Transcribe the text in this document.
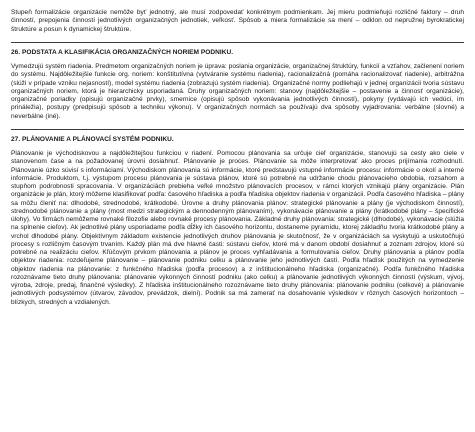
Stupeň formalizácie organizácie nemôže byť jednotný, ale musí zodpovedať konkrétnym podmienkam. Jej mieru podmieňujú rozličné faktory – druh činností, prepojenia činností jednotlivých organizačných jednotiek, veľkosť. Spôsob a miera formalizácie sa mení – odklon od nepružnej byrokratickej štruktúre a posun k dynamickej štruktúre.

26. PODSTATA A KLASIFIKÁCIA ORGANIZAČNÝCH NORIEM PODNIKU.

Vymedzujú systém riadenia. Predmetom organizačných noriem je úprava: poslania organizácie, organizačnej štruktúry, funkcií a vzťahov, začlenení noriem do systému. Najdôležitejšie funkcie org. noriem: konštitutívna (vytváranie systému riadenia), racionalizačná (pomáha racionalizovať riadenie), arbitrážna (slúži v prípade vzniku nejasností), model systému riadenia (zobrazujú systém riadenia). Organizačné normy podliehajú v jednej organizácii tvoria sústavu organizačných noriem, ktorá je hierarchicky usporiadaná. Druhy organizačných noriem: stanovy (najdôležitejšie – postavenie a činnosť organizácie), organizačné poriadky (opisujú organizačné prvky), smernice (opisujú spôsob vykonávania jednotlivých činností), pokyny (vydávajú ich vedúci, im prináležia), postupy (predpisujú spôsob a techniku výkonu). V organizačných normách sa používajú dva spôsoby vyjadrovania: verbálne (slovné) a neverbálne (iné).

27. PLÁNOVANIE A PLÁNOVACÍ SYSTÉM PODNIKU.

Plánovanie je východiskovou a najdôležitejšou funkciou v riadení. Pomocou plánovania sa určuje cieľ organizácie, stanovujú sa cesty ako ciele v stanovenom čase a na požadovanej úrovni dosiahnuť. Plánovanie je proces. Plánovanie sa môže interpretovať ako proces prijímania rozhodnutí. Plánovanie úzko súvisí s informáciami. Východiskom plánovania sú informácie, ktoré predstavujú vstupné informácie procesu: informácie o okolí a interné informácie. Produktom, t.j. výstupom procesu plánovania je sústava plánov, ktoré sú potrebné na udržanie chodu plánovacieho obdobia, rozsahom a stupňom podrobnosti spracovania. V organizáciách prebieha veľké množstvo plánovacích procesov, v rámci ktorých vznikajú plány organizácie. Plán organizácie je plán, ktorý môžeme klasifikovať podľa: časového hľadiska a podľa hľadiska objektov riadenia v organizácii. Podľa časového hľadiska – plány sa môžu členiť na: dlhodobé, strednodobé, krátkodobé. Úrovne a druhy plánovania plánov: strategické plánovanie a plány (je východiskom činností), strednodobé plánovanie a plány (most medzi strategickým a dennodenným plánovaním), vykonávacie plánovanie a plány (krátkodobé plány – špecifické úlohy). Vo firmách nemôžeme rovnaké filozofie alebo rovnaké procesy plánovania. Základné druhy plánovania: strategické (dlhodobé), vykonávacie (slúžia na splnenie cieľov). Ak jednotlivé plány usporiadame podľa dĺžky ich časového horizontu, dostaneme pyramídu, ktorej základňu tvoria krátkodobé plány a vrchol dlhodobé plány. Objektívnym základom existencie jednotlivých druhov plánovania je skutočnosť, že v organizáciách sa vyskytujú a uskutočňujú procesy s rozličným časovým trvaním. Každý plán má dve hlavné časti: sústavu cieľov, ktoré má v danom období dosiahnuť a zoznam zdrojov, ktoré sú potrebné na realizáciu cieľov. Kľúčovým prvkom plánovania a plánov je proces vyhľadávania a formulovania cieľov. Druhy plánovania a plánov podľa objektov riadenia: rozdeľujeme plánovanie – plánovanie podniku celku a plánovanie jeho jednotlivých častí. Podľa hľadísk použitých na vymedzenie objektov riadenia na plánovanie: z funkčného hľadiska (podľa procesov) a z inštitucionálneho hľadiska (organizačné). Podľa funkčného hľadiska rozoznávame tieto druhy plánovania: plánovanie výkonných činností podniku (ako celku) a plánovanie jednotlivých výkonných činností (výskum, vývoj, výroba, zdroje, predaj, finančné výsledky). Z hľadiska inštitucionálneho rozoznávame tieto druhy plánovania: plánovanie podniku (celkové) a plánovanie jednotlivých podsystémov (útvarov, závodov, prevádzok, dielní). Podnik sa má zamerať na dosahovanie výsledkov v rôznych časových horizontoch – blízkych, stredných a vzdialených.
